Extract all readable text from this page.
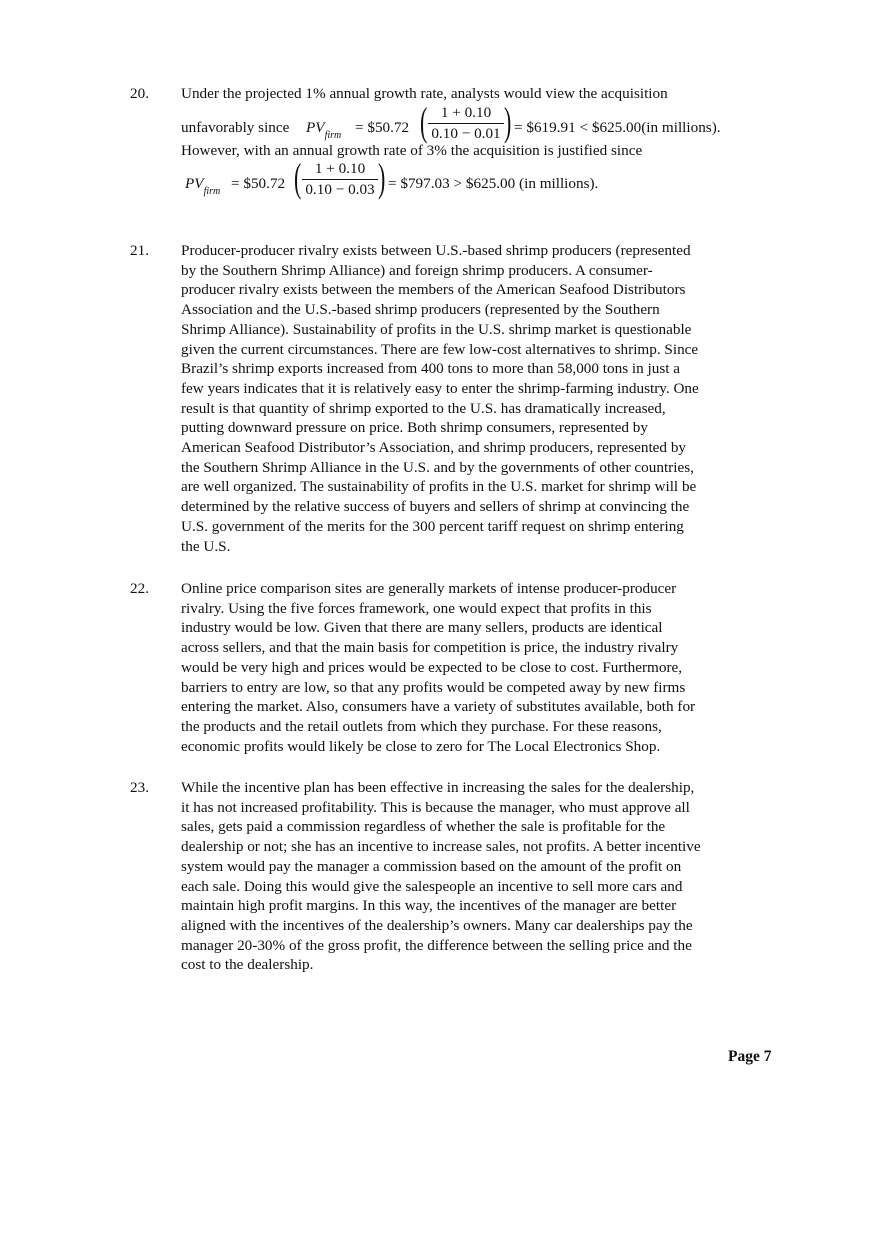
20.	Under the projected 1% annual growth rate, analysts would view the acquisition
unfavorably since $PV_{firm}$ = $50.72 ( 1 + 0.10
0.10 − 0.01 ) = $619.91 < $625.00(in millions).
However, with an annual growth rate of 3% the acquisition is justified since
$PV_{firm}$ = $50.72 ( 1 + 0.10
0.10 − 0.03 ) = $797.03 > $625.00 (in millions).
21.	Producer-producer rivalry exists between U.S.-based shrimp producers (represented
by the Southern Shrimp Alliance) and foreign shrimp producers. A consumer-
producer rivalry exists between the members of the American Seafood Distributors
Association and the U.S.-based shrimp producers (represented by the Southern
Shrimp Alliance). Sustainability of profits in the U.S. shrimp market is questionable
given the current circumstances. There are few low-cost alternatives to shrimp. Since
Brazil’s shrimp exports increased from 400 tons to more than 58,000 tons in just a
few years indicates that it is relatively easy to enter the shrimp-farming industry. One
result is that quantity of shrimp exported to the U.S. has dramatically increased,
putting downward pressure on price. Both shrimp consumers, represented by
American Seafood Distributor’s Association, and shrimp producers, represented by
the Southern Shrimp Alliance in the U.S. and by the governments of other countries,
are well organized. The sustainability of profits in the U.S. market for shrimp will be
determined by the relative success of buyers and sellers of shrimp at convincing the
U.S. government of the merits for the 300 percent tariff request on shrimp entering
the U.S.
22.	Online price comparison sites are generally markets of intense producer-producer
rivalry. Using the five forces framework, one would expect that profits in this
industry would be low. Given that there are many sellers, products are identical
across sellers, and that the main basis for competition is price, the industry rivalry
would be very high and prices would be expected to be close to cost. Furthermore,
barriers to entry are low, so that any profits would be competed away by new firms
entering the market. Also, consumers have a variety of substitutes available, both for
the products and the retail outlets from which they purchase. For these reasons,
economic profits would likely be close to zero for The Local Electronics Shop.
23.	While the incentive plan has been effective in increasing the sales for the dealership,
it has not increased profitability. This is because the manager, who must approve all
sales, gets paid a commission regardless of whether the sale is profitable for the
dealership or not; she has an incentive to increase sales, not profits. A better incentive
system would pay the manager a commission based on the amount of the profit on
each sale. Doing this would give the salespeople an incentive to sell more cars and
maintain high profit margins. In this way, the incentives of the manager are better
aligned with the incentives of the dealership’s owners. Many car dealerships pay the
manager 20-30% of the gross profit, the difference between the selling price and the
cost to the dealership.
Page 7
